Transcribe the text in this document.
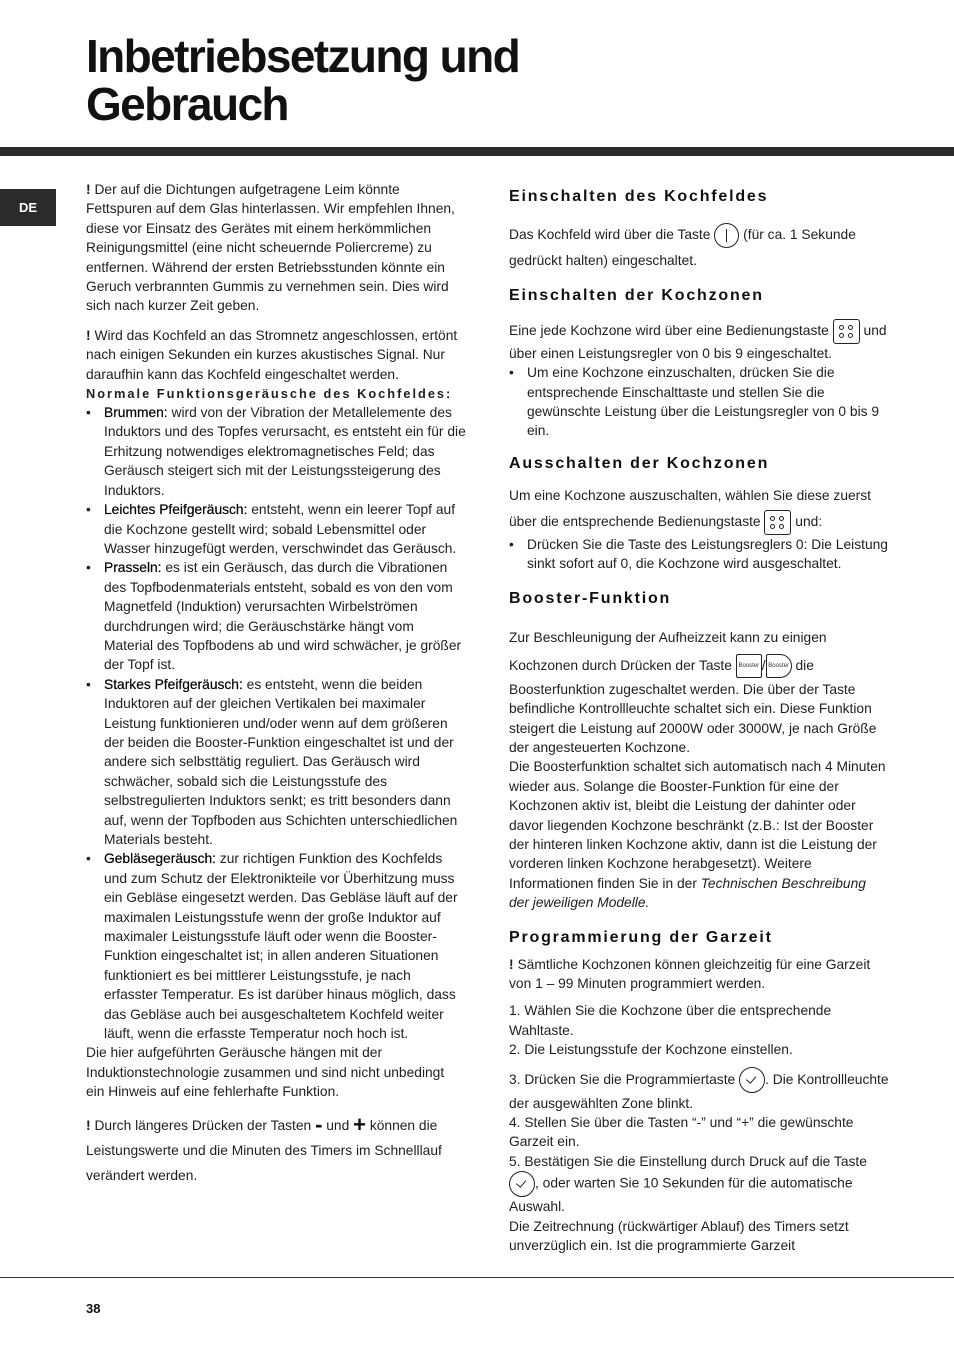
Inbetriebsetzung und
Gebrauch
DE

! Der auf die Dichtungen aufgetragene Leim könnte Fettspuren auf dem Glas hinterlassen. Wir empfehlen Ihnen, diese vor Einsatz des Gerätes mit einem herkömmlichen Reinigungsmittel (eine nicht scheuernde Poliercreme) zu entfernen. Während der ersten Betriebsstunden könnte ein Geruch verbrannten Gummis zu vernehmen sein. Dies wird sich nach kurzer Zeit geben.

! Wird das Kochfeld an das Stromnetz angeschlossen, ertönt nach einigen Sekunden ein kurzes akustisches Signal. Nur daraufhin kann das Kochfeld eingeschaltet werden.

Normale Funktionsgeräusche des Kochfeldes:

• Brummen: wird von der Vibration der Metallelemente des Induktors und des Topfes verursacht, es entsteht ein für die Erhitzung notwendiges elektromagnetisches Feld; das Geräusch steigert sich mit der Leistungssteigerung des Induktors.
• Leichtes Pfeifgeräusch: entsteht, wenn ein leerer Topf auf die Kochzone gestellt wird; sobald Lebensmittel oder Wasser hinzugefügt werden, verschwindet das Geräusch.
• Prasseln: es ist ein Geräusch, das durch die Vibrationen des Topfbodenmaterials entsteht, sobald es von den vom Magnetfeld (Induktion) verursachten Wirbelströmen durchdrungen wird; die Geräuschstärke hängt vom Material des Topfbodens ab und wird schwächer, je größer der Topf ist.
• Starkes Pfeifgeräusch: es entsteht, wenn die beiden Induktoren auf der gleichen Vertikalen bei maximaler Leistung funktionieren und/oder wenn auf dem größeren der beiden die Booster-Funktion eingeschaltet ist und der andere sich selbsttätig reguliert. Das Geräusch wird schwächer, sobald sich die Leistungsstufe des selbstregulierten Induktors senkt; es tritt besonders dann auf, wenn der Topfboden aus Schichten unterschiedlichen Materials besteht.
• Gebläsegeräusch: zur richtigen Funktion des Kochfelds und zum Schutz der Elektronikteile vor Überhitzung muss ein Gebläse eingesetzt werden. Das Gebläse läuft auf der maximalen Leistungsstufe wenn der große Induktor auf maximaler Leistungsstufe läuft oder wenn die Booster-Funktion eingeschaltet ist; in allen anderen Situationen funktioniert es bei mittlerer Leistungsstufe, je nach erfasster Temperatur. Es ist darüber hinaus möglich, dass das Gebläse auch bei ausgeschaltetem Kochfeld weiter läuft, wenn die erfasste Temperatur noch hoch ist.

Die hier aufgeführten Geräusche hängen mit der Induktionstechnologie zusammen und sind nicht unbedingt ein Hinweis auf eine fehlerhafte Funktion.

! Durch längeres Drücken der Tasten - und + können die Leistungswerte und die Minuten des Timers im Schnelllauf verändert werden.

Einschalten des Kochfeldes

Das Kochfeld wird über die Taste (für ca. 1 Sekunde gedrückt halten) eingeschaltet.

Einschalten der Kochzonen

Eine jede Kochzone wird über eine Bedienungstaste	und über einen Leistungsregler von 0 bis 9 eingeschaltet.

• Um eine Kochzone einzuschalten, drücken Sie die entsprechende Einschalttaste und stellen Sie die gewünschte Leistung über die Leistungsregler von 0 bis 9 ein.
Ausschalten der Kochzonen

Um eine Kochzone auszuschalten, wählen Sie diese zuerst über die entsprechende Bedienungstaste	und:

• Drücken Sie die Taste des Leistungsreglers 0: Die Leistung sinkt sofort auf 0, die Kochzone wird ausgeschaltet.
Booster-Funktion

Zur Beschleunigung der Aufheizzeit kann zu einigen Kochzonen durch Drücken der Taste Booster / Booster die Boosterfunktion zugeschaltet werden. Die über der Taste befindliche Kontrollleuchte schaltet sich ein. Diese Funktion steigert die Leistung auf 2000W oder 3000W, je nach Größe der angesteuerten Kochzone.

Die Boosterfunktion schaltet sich automatisch nach 4 Minuten wieder aus. Solange die Booster-Funktion für eine der Kochzonen aktiv ist, bleibt die Leistung der dahinter oder davor liegenden Kochzone beschränkt (z.B.: Ist der Booster der hinteren linken Kochzone aktiv, dann ist die Leistung der vorderen linken Kochzone herabgesetzt). Weitere Informationen finden Sie in der Technischen Beschreibung der jeweiligen Modelle.

Programmierung der Garzeit

! Sämtliche Kochzonen können gleichzeitig für eine Garzeit von 1 – 99 Minuten programmiert werden.

1. Wählen Sie die Kochzone über die entsprechende Wahltaste.

2. Die Leistungsstufe der Kochzone einstellen.

3. Drücken Sie die Programmiertaste . Die Kontrollleuchte der ausgewählten Zone blinkt.

4. Stellen Sie über die Tasten “-” und “+” die gewünschte Garzeit ein.

5. Bestätigen Sie die Einstellung durch Druck auf die Taste , oder warten Sie 10 Sekunden für die automatische Auswahl.

Die Zeitrechnung (rückwärtiger Ablauf) des Timers setzt unverzüglich ein. Ist die programmierte Garzeit

38
